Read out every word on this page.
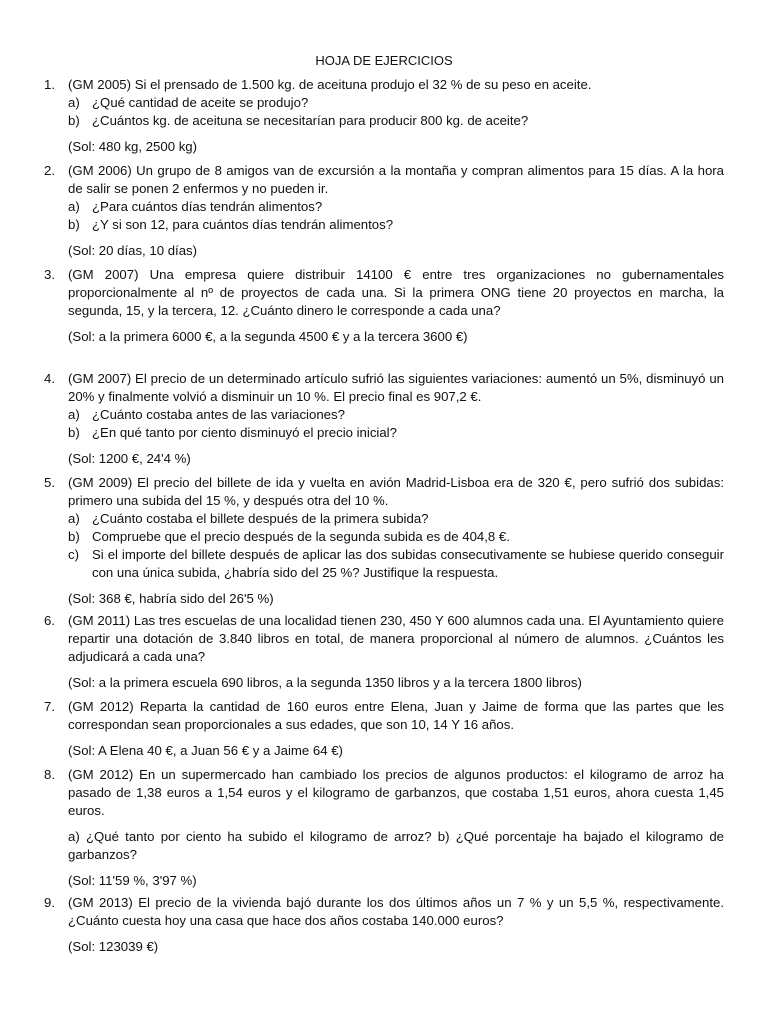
HOJA DE EJERCICIOS
1. (GM 2005) Si el prensado de 1.500 kg. de aceituna produjo el 32 % de su peso en aceite.
a) ¿Qué cantidad de aceite se produjo?
b) ¿Cuántos kg. de aceituna se necesitarían para producir 800 kg. de aceite?
(Sol: 480 kg, 2500 kg)
2. (GM 2006) Un grupo de 8 amigos van de excursión a la montaña y compran alimentos para 15 días. A la hora de salir se ponen 2 enfermos y no pueden ir.
a) ¿Para cuántos días tendrán alimentos?
b) ¿Y si son 12, para cuántos días tendrán alimentos?
(Sol: 20 días, 10 días)
3. (GM 2007) Una empresa quiere distribuir 14100 € entre tres organizaciones no gubernamentales proporcionalmente al nº de proyectos de cada una. Si la primera ONG tiene 20 proyectos en marcha, la segunda, 15, y la tercera, 12. ¿Cuánto dinero le corresponde a cada una?
(Sol: a la primera 6000 €, a la segunda 4500 € y a la tercera 3600 €)
4. (GM 2007) El precio de un determinado artículo sufrió las siguientes variaciones: aumentó un 5%, disminuyó un 20% y finalmente volvió a disminuir un 10 %. El precio final es 907,2 €.
a) ¿Cuánto costaba antes de las variaciones?
b) ¿En qué tanto por ciento disminuyó el precio inicial?
(Sol: 1200 €, 24'4 %)
5. (GM 2009) El precio del billete de ida y vuelta en avión Madrid-Lisboa era de 320 €, pero sufrió dos subidas: primero una subida del 15 %, y después otra del 10 %.
a) ¿Cuánto costaba el billete después de la primera subida?
b) Compruebe que el precio después de la segunda subida es de 404,8 €.
c) Si el importe del billete después de aplicar las dos subidas consecutivamente se hubiese querido conseguir con una única subida, ¿habría sido del 25 %? Justifique la respuesta.
(Sol: 368 €, habría sido del 26'5 %)
6. (GM 2011) Las tres escuelas de una localidad tienen 230, 450 Y 600 alumnos cada una. El Ayuntamiento quiere repartir una dotación de 3.840 libros en total, de manera proporcional al número de alumnos. ¿Cuántos les adjudicará a cada una?
(Sol: a la primera escuela 690 libros, a la segunda 1350 libros y a la tercera 1800 libros)
7. (GM 2012) Reparta la cantidad de 160 euros entre Elena, Juan y Jaime de forma que las partes que les correspondan sean proporcionales a sus edades, que son 10, 14 Y 16 años.
(Sol: A Elena 40 €, a Juan 56 € y a Jaime 64 €)
8. (GM 2012) En un supermercado han cambiado los precios de algunos productos: el kilogramo de arroz ha pasado de 1,38 euros a 1,54 euros y el kilogramo de garbanzos, que costaba 1,51 euros, ahora cuesta 1,45 euros.
a) ¿Qué tanto por ciento ha subido el kilogramo de arroz? b) ¿Qué porcentaje ha bajado el kilogramo de garbanzos?
(Sol: 11'59 %, 3'97 %)
9. (GM 2013) El precio de la vivienda bajó durante los dos últimos años un 7 % y un 5,5 %, respectivamente. ¿Cuánto cuesta hoy una casa que hace dos años costaba 140.000 euros?
(Sol: 123039 €)
